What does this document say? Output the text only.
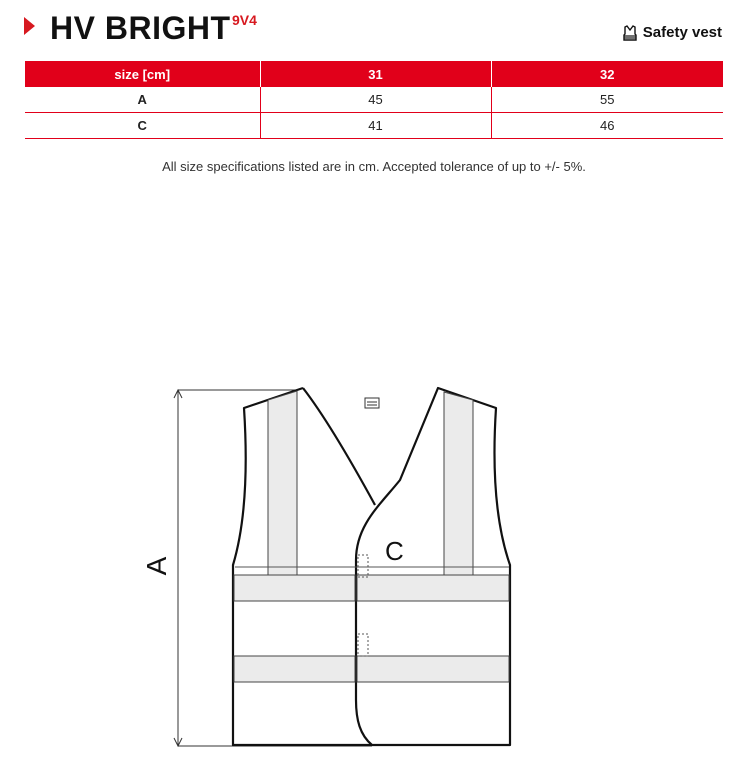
HV BRIGHT 9V4
Safety vest
size [cm]	31	32
A	45	55
C	41	46
All size specifications listed are in cm. Accepted tolerance of up to +/- 5%.
A	C
